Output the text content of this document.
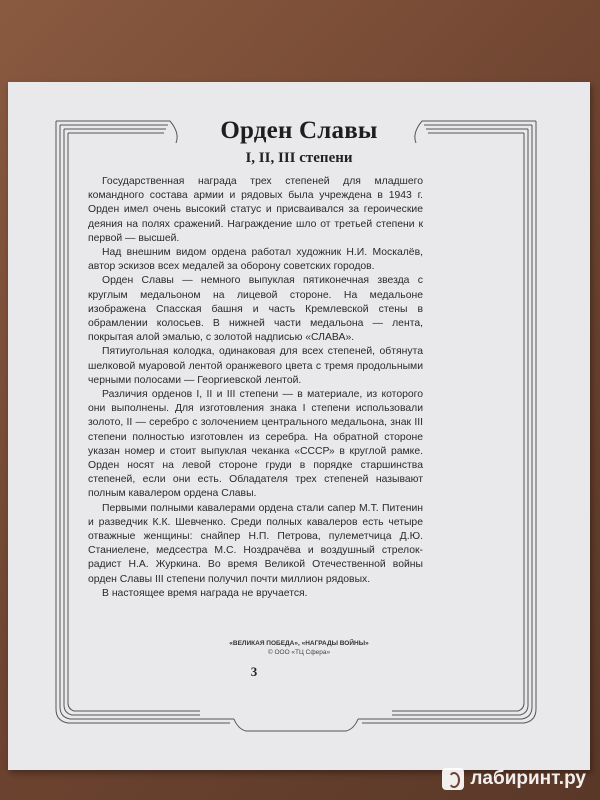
Орден Славы
I, II, III степени

Государственная награда трех степеней для младшего командного состава армии и рядовых была учреждена в 1943 г. Орден имел очень высокий статус и присваивался за героические деяния на полях сражений. Награждение шло от третьей степени к первой — высшей.

Над внешним видом ордена работал художник Н.И. Москалёв, автор эскизов всех медалей за оборону советских городов.

Орден Славы — немного выпуклая пятиконечная звезда с круглым медальоном на лицевой стороне. На медальоне изображена Спасская башня и часть Кремлевской стены в обрамлении колосьев. В нижней части медальона — лента, покрытая алой эмалью, с золотой надписью «СЛАВА».

Пятиугольная колодка, одинаковая для всех степеней, обтянута шелковой муаровой лентой оранжевого цвета с тремя продольными черными полосами — Георгиевской лентой.

Различия орденов I, II и III степени — в материале, из которого они выполнены. Для изготовления знака I степени использовали золото, II — серебро с золочением центрального медальона, знак III степени полностью изготовлен из серебра. На обратной стороне указан номер и стоит выпуклая чеканка «СССР» в круглой рамке. Орден носят на левой стороне груди в порядке старшинства степеней, если они есть. Обладателя трех степеней называют полным кавалером ордена Славы.

Первыми полными кавалерами ордена стали сапер М.Т. Питенин и разведчик К.К. Шевченко. Среди полных кавалеров есть четыре отважные женщины: снайпер Н.П. Петрова, пулеметчица Д.Ю. Станиелене, медсестра М.С. Ноздрачёва и воздушный стрелок-радист Н.А. Журкина. Во время Великой Отечественной войны орден Славы III степени получил почти миллион рядовых.

В настоящее время награда не вручается.

«ВЕЛИКАЯ ПОБЕДА», «НАГРАДЫ ВОЙНЫ»
© ООО «ТЦ Сфера»
3
лабиринт.ру
